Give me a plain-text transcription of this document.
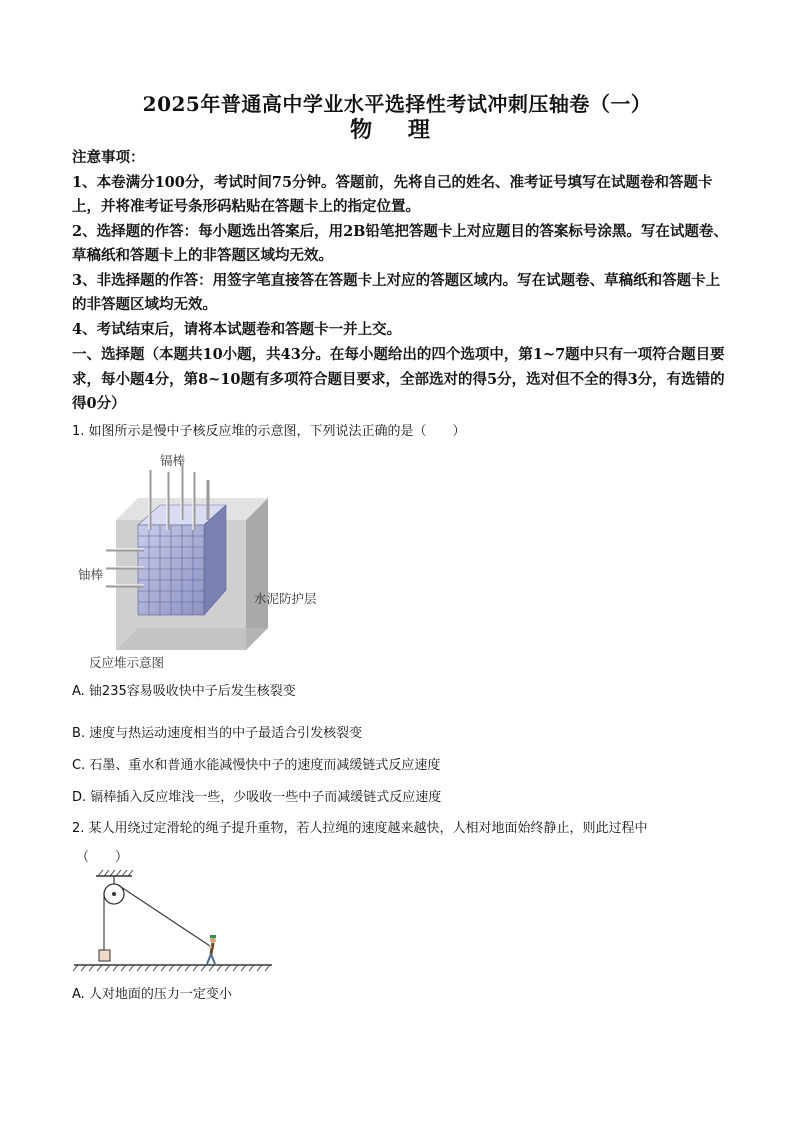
2025年普通高中学业水平选择性考试冲刺压轴卷（一）
物 理

注意事项：

1、本卷满分100分，考试时间75分钟。答题前，先将自己的姓名、准考证号填写在试题卷和答题卡上，并将准考证号条形码粘贴在答题卡上的指定位置。

2、选择题的作答：每小题选出答案后，用2B铅笔把答题卡上对应题目的答案标号涂黑。写在试题卷、草稿纸和答题卡上的非答题区域均无效。

3、非选择题的作答：用签字笔直接答在答题卡上对应的答题区域内。写在试题卷、草稿纸和答题卡上的非答题区域均无效。

4、考试结束后，请将本试题卷和答题卡一并上交。

一、选择题（本题共10小题，共43分。在每小题给出的四个选项中，第1~7题中只有一项符合题目要求，每小题4分，第8~10题有多项符合题目要求，全部选对的得5分，选对但不全的得3分，有选错的得0分）
1. 如图所示是慢中子核反应堆的示意图，下列说法正确的是（　　）
镉棒
铀棒
水泥防护层
反应堆示意图
A. 铀235容易吸收快中子后发生核裂变
B. 速度与热运动速度相当的中子最适合引发核裂变
C. 石墨、重水和普通水能减慢快中子的速度而减缓链式反应速度
D. 镉棒插入反应堆浅一些，少吸收一些中子而减缓链式反应速度
2. 某人用绕过定滑轮的绳子提升重物，若人拉绳的速度越来越快，人相对地面始终静止，则此过程中
（　　）
A. 人对地面的压力一定变小
